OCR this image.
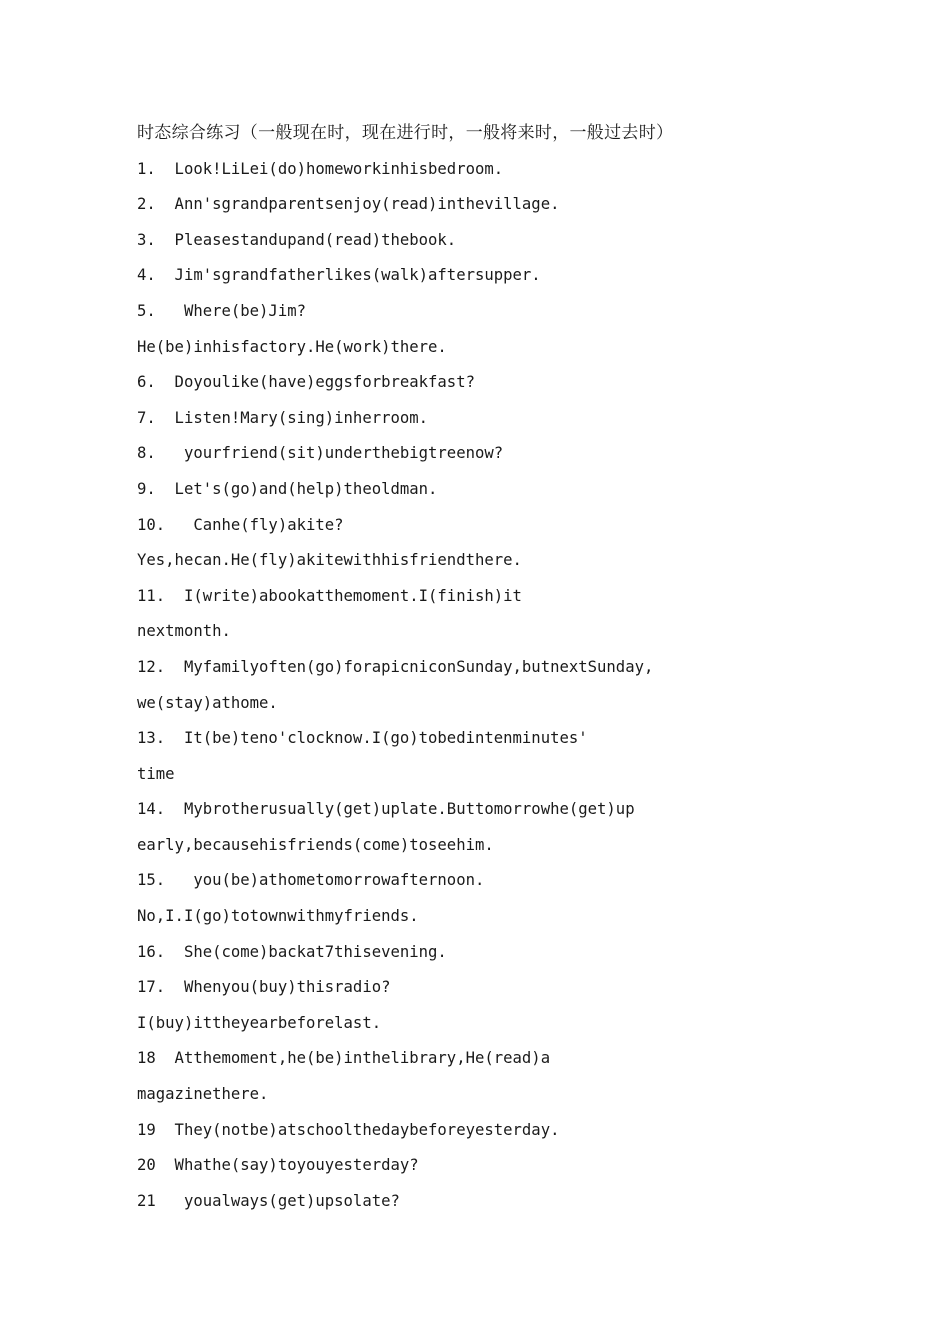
时态综合练习（一般现在时，现在进行时，一般将来时，一般过去时）
1.  Look!LiLei(do)homeworkinhisbedroom.
2.  Ann'sgrandparentsenjoy(read)inthevillage.
3.  Pleasestandupand(read)thebook.
4.  Jim'sgrandfatherlikes(walk)aftersupper.
5.   Where(be)Jim?
He(be)inhisfactory.He(work)there.
6.  Doyoulike(have)eggsforbreakfast?
7.  Listen!Mary(sing)inherroom.
8.   yourfriend(sit)underthebigtreenow?
9.  Let's(go)and(help)theoldman.
10.   Canhe(fly)akite?
Yes,hecan.He(fly)akitewithhisfriendthere.
11.  I(write)abookatthemoment.I(finish)it
nextmonth.
12.  Myfamilyoften(go)forapicniconSunday,butnextSunday,
we(stay)athome.
13.  It(be)teno'clocknow.I(go)tobedintenminutes'
time
14.  Mybrotherusually(get)uplate.Buttomorrowhe(get)up
early,becausehisfriends(come)toseehim.
15.   you(be)athometomorrowafternoon.
No,I.I(go)totownwithmyfriends.
16.  She(come)backat7thisevening.
17.  Whenyou(buy)thisradio?
I(buy)ittheyearbeforelast.
18  Atthemoment,he(be)inthelibrary,He(read)a
magazinethere.
19  They(notbe)atschoolthedaybeforeyesterday.
20  Whathe(say)toyouyesterday?
21   youalways(get)upsolate?
